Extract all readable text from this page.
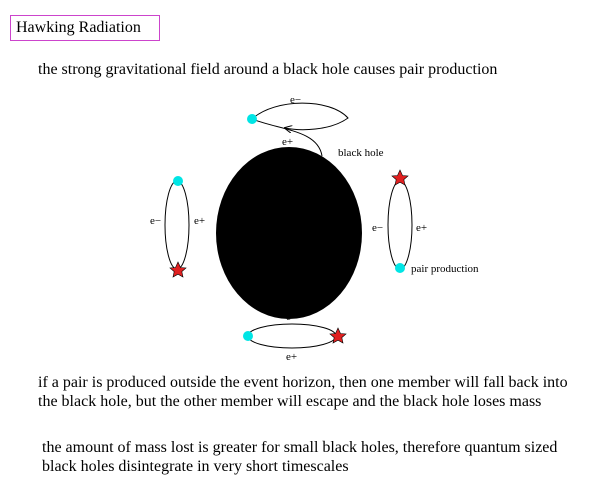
Hawking Radiation
the strong gravitational field around a black hole causes pair production
black hole
e−
e+
e−	e+
e−	e+
pair production
e−
e+
if a pair is produced outside the event horizon, then one member will fall back into the black hole, but the other member will escape and the black hole loses mass
the amount of mass lost is greater for small black holes, therefore quantum sized black holes disintegrate in very short timescales
